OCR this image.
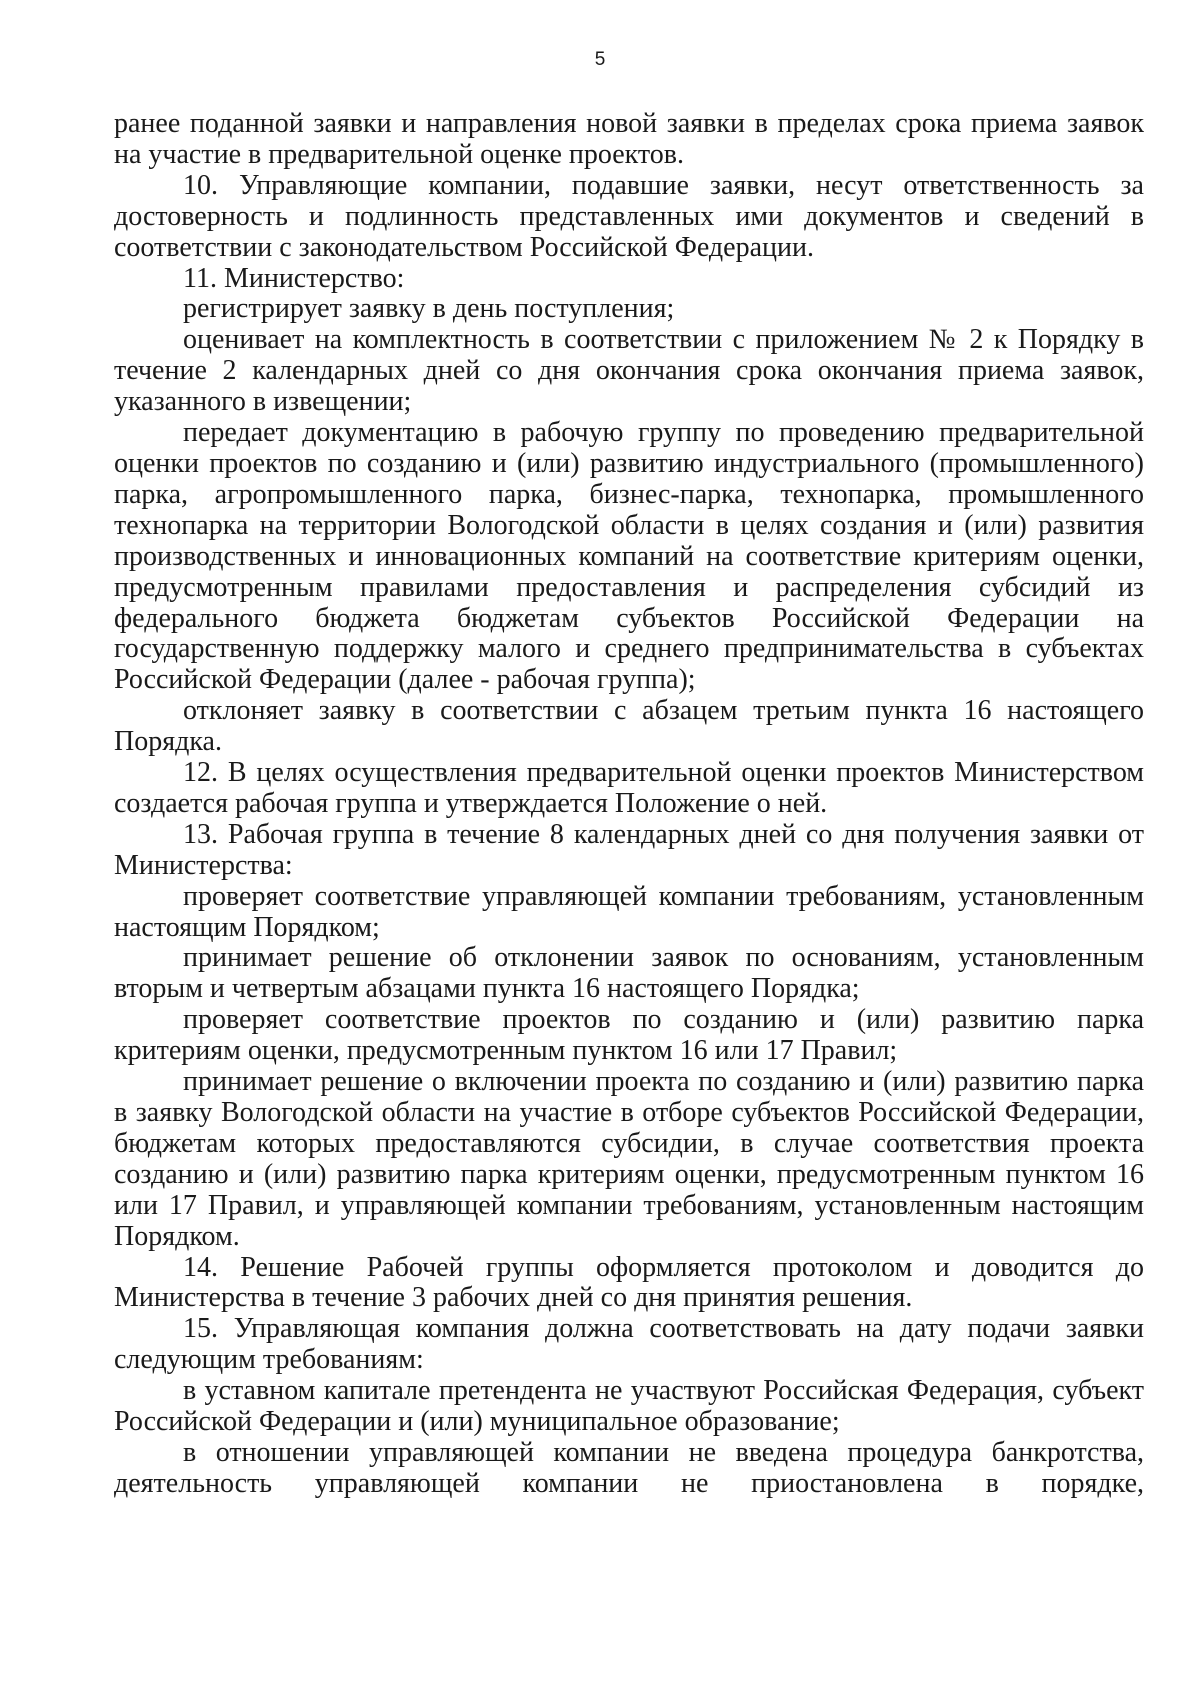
5

ранее поданной заявки и направления новой заявки в пределах срока приема заявок на участие в предварительной оценке проектов.

10. Управляющие компании, подавшие заявки, несут ответственность за достоверность и подлинность представленных ими документов и сведений в соответствии с законодательством Российской Федерации.

11. Министерство:

регистрирует заявку в день поступления;

оценивает на комплектность в соответствии с приложением № 2 к Порядку в течение 2 календарных дней со дня окончания срока окончания приема заявок, указанного в извещении;

передает документацию в рабочую группу по проведению предварительной оценки проектов по созданию и (или) развитию индустриального (промышленного) парка, агропромышленного парка, бизнес-парка, технопарка, промышленного технопарка на территории Вологодской области в целях создания и (или) развития производственных и инновационных компаний на соответствие критериям оценки, предусмотренным правилами предоставления и распределения субсидий из федерального бюджета бюджетам субъектов Российской Федерации на государственную поддержку малого и среднего предпринимательства в субъектах Российской Федерации (далее - рабочая группа);

отклоняет заявку в соответствии с абзацем третьим пункта 16 настоящего Порядка.

12. В целях осуществления предварительной оценки проектов Министерством создается рабочая группа и утверждается Положение о ней.

13. Рабочая группа в течение 8 календарных дней со дня получения заявки от Министерства:

проверяет соответствие управляющей компании требованиям, установленным настоящим Порядком;

принимает решение об отклонении заявок по основаниям, установленным вторым и четвертым абзацами пункта 16 настоящего Порядка;

проверяет соответствие проектов по созданию и (или) развитию парка критериям оценки, предусмотренным пунктом 16 или 17 Правил;

принимает решение о включении проекта по созданию и (или) развитию парка в заявку Вологодской области на участие в отборе субъектов Российской Федерации, бюджетам которых предоставляются субсидии, в случае соответствия проекта созданию и (или) развитию парка критериям оценки, предусмотренным пунктом 16 или 17 Правил, и управляющей компании требованиям, установленным настоящим Порядком.

14. Решение Рабочей группы оформляется протоколом и доводится до Министерства в течение 3 рабочих дней со дня принятия решения.

15. Управляющая компания должна соответствовать на дату подачи заявки следующим требованиям:

в уставном капитале претендента не участвуют Российская Федерация, субъект Российской Федерации и (или) муниципальное образование;

в отношении управляющей компании не введена процедура банкротства, деятельность управляющей компании не приостановлена в порядке,
